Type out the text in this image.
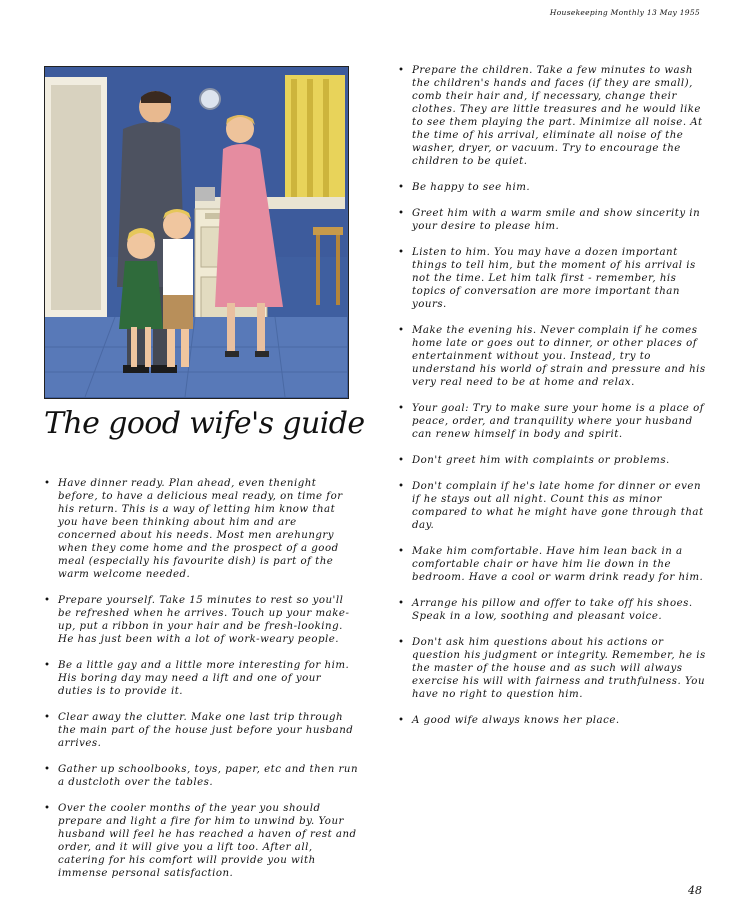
Housekeeping Monthly 13 May 1955
The good wife's guide
• Have dinner ready. Plan ahead, even thenight before, to have a delicious meal ready, on time for his return. This is a way of letting him know that you have been thinking about him and are concerned about his needs. Most men arehungry when they come home and the prospect of a good meal (especially his favourite dish) is part of the warm welcome needed.
• Prepare yourself. Take 15 minutes to rest so you'll be refreshed when he arrives. Touch up your make-up, put a ribbon in your hair and be fresh-looking. He has just been with a lot of work-weary people.
• Be a little gay and a little more interesting for him. His boring day may need a lift and one of your duties is to provide it.
• Clear away the clutter. Make one last trip through the main part of the house just before your husband arrives.
• Gather up schoolbooks, toys, paper, etc and then run a dustcloth over the tables.
• Over the cooler months of the year you should prepare and light a fire for him to unwind by. Your husband will feel he has reached a haven of rest and order, and it will give you a lift too. After all, catering for his comfort will provide you with immense personal satisfaction.
• Prepare the children. Take a few minutes to wash the children's hands and faces (if they are small), comb their hair and, if necessary, change their clothes. They are little treasures and he would like to see them playing the part. Minimize all noise. At the time of his arrival, eliminate all noise of the washer, dryer, or vacuum. Try to encourage the children to be quiet.
• Be happy to see him.
• Greet him with a warm smile and show sincerity in your desire to please him.
• Listen to him. You may have a dozen important things to tell him, but the moment of his arrival is not the time. Let him talk first - remember, his topics of conversation are more important than yours.
• Make the evening his. Never complain if he comes home late or goes out to dinner, or other places of entertainment without you. Instead, try to understand his world of strain and pressure and his very real need to be at home and relax.
• Your goal: Try to make sure your home is a place of peace, order, and tranquility where your husband can renew himself in body and spirit.
• Don't greet him with complaints or problems.
• Don't complain if he's late home for dinner or even if he stays out all night. Count this as minor compared to what he might have gone through that day.
• Make him comfortable. Have him lean back in a comfortable chair or have him lie down in the bedroom. Have a cool or warm drink ready for him.
• Arrange his pillow and offer to take off his shoes. Speak in a low, soothing and pleasant voice.
• Don't ask him questions about his actions or question his judgment or integrity. Remember, he is the master of the house and as such will always exercise his will with fairness and truthfulness. You have no right to question him.
• A good wife always knows her place.
48
